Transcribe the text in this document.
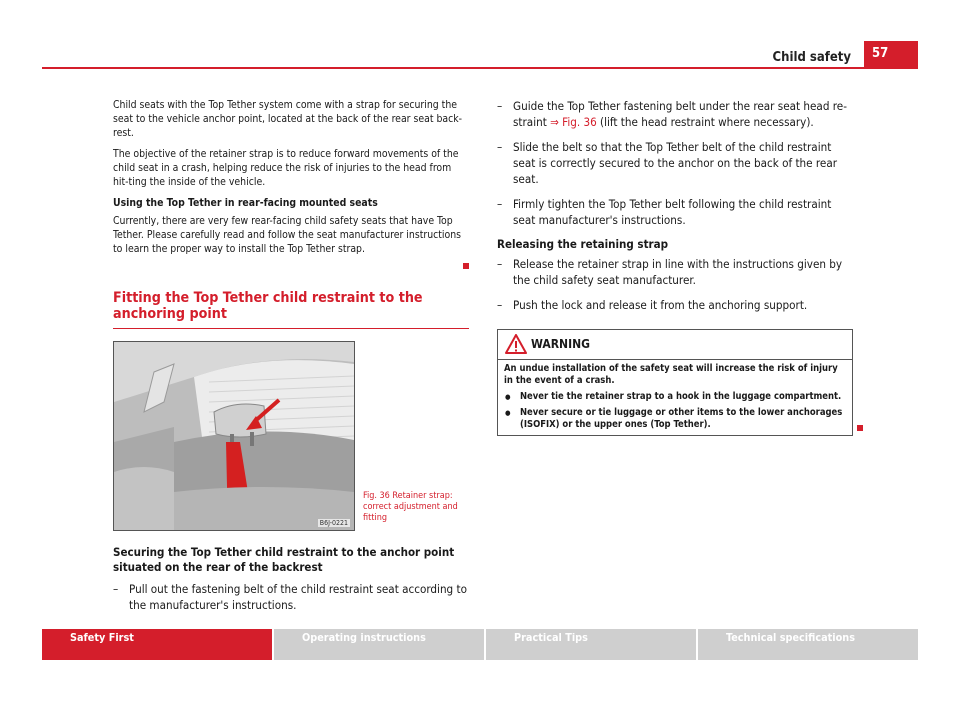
Child safety	57

Child seats with the Top Tether system come with a strap for securing the seat to the vehicle anchor point, located at the back of the rear seat back-rest.

The objective of the retainer strap is to reduce forward movements of the child seat in a crash, helping reduce the risk of injuries to the head from hit-ting the inside of the vehicle.

Using the Top Tether in rear-facing mounted seats

Currently, there are very few rear-facing child safety seats that have Top Tether. Please carefully read and follow the seat manufacturer instructions to learn the proper way to install the Top Tether strap.

Fitting the Top Tether child restraint to the anchoring point
B6J-0221
Fig. 36 Retainer strap: correct adjustment and fitting
Securing the Top Tether child restraint to the anchor point situated on the rear of the backrest
– Pull out the fastening belt of the child restraint seat according to the manufacturer's instructions.
– Guide the Top Tether fastening belt under the rear seat head re-straint ⇒ Fig. 36 (lift the head restraint where necessary).
– Slide the belt so that the Top Tether belt of the child restraint seat is correctly secured to the anchor on the back of the rear seat.
– Firmly tighten the Top Tether belt following the child restraint seat manufacturer's instructions.
Releasing the retaining strap
– Release the retainer strap in line with the instructions given by the child safety seat manufacturer.
– Push the lock and release it from the anchoring support.
WARNING
An undue installation of the safety seat will increase the risk of injury in the event of a crash.
● Never tie the retainer strap to a hook in the luggage compartment.
● Never secure or tie luggage or other items to the lower anchorages (ISOFIX) or the upper ones (Top Tether).
Safety First	Operating instructions	Practical Tips	Technical specifications
